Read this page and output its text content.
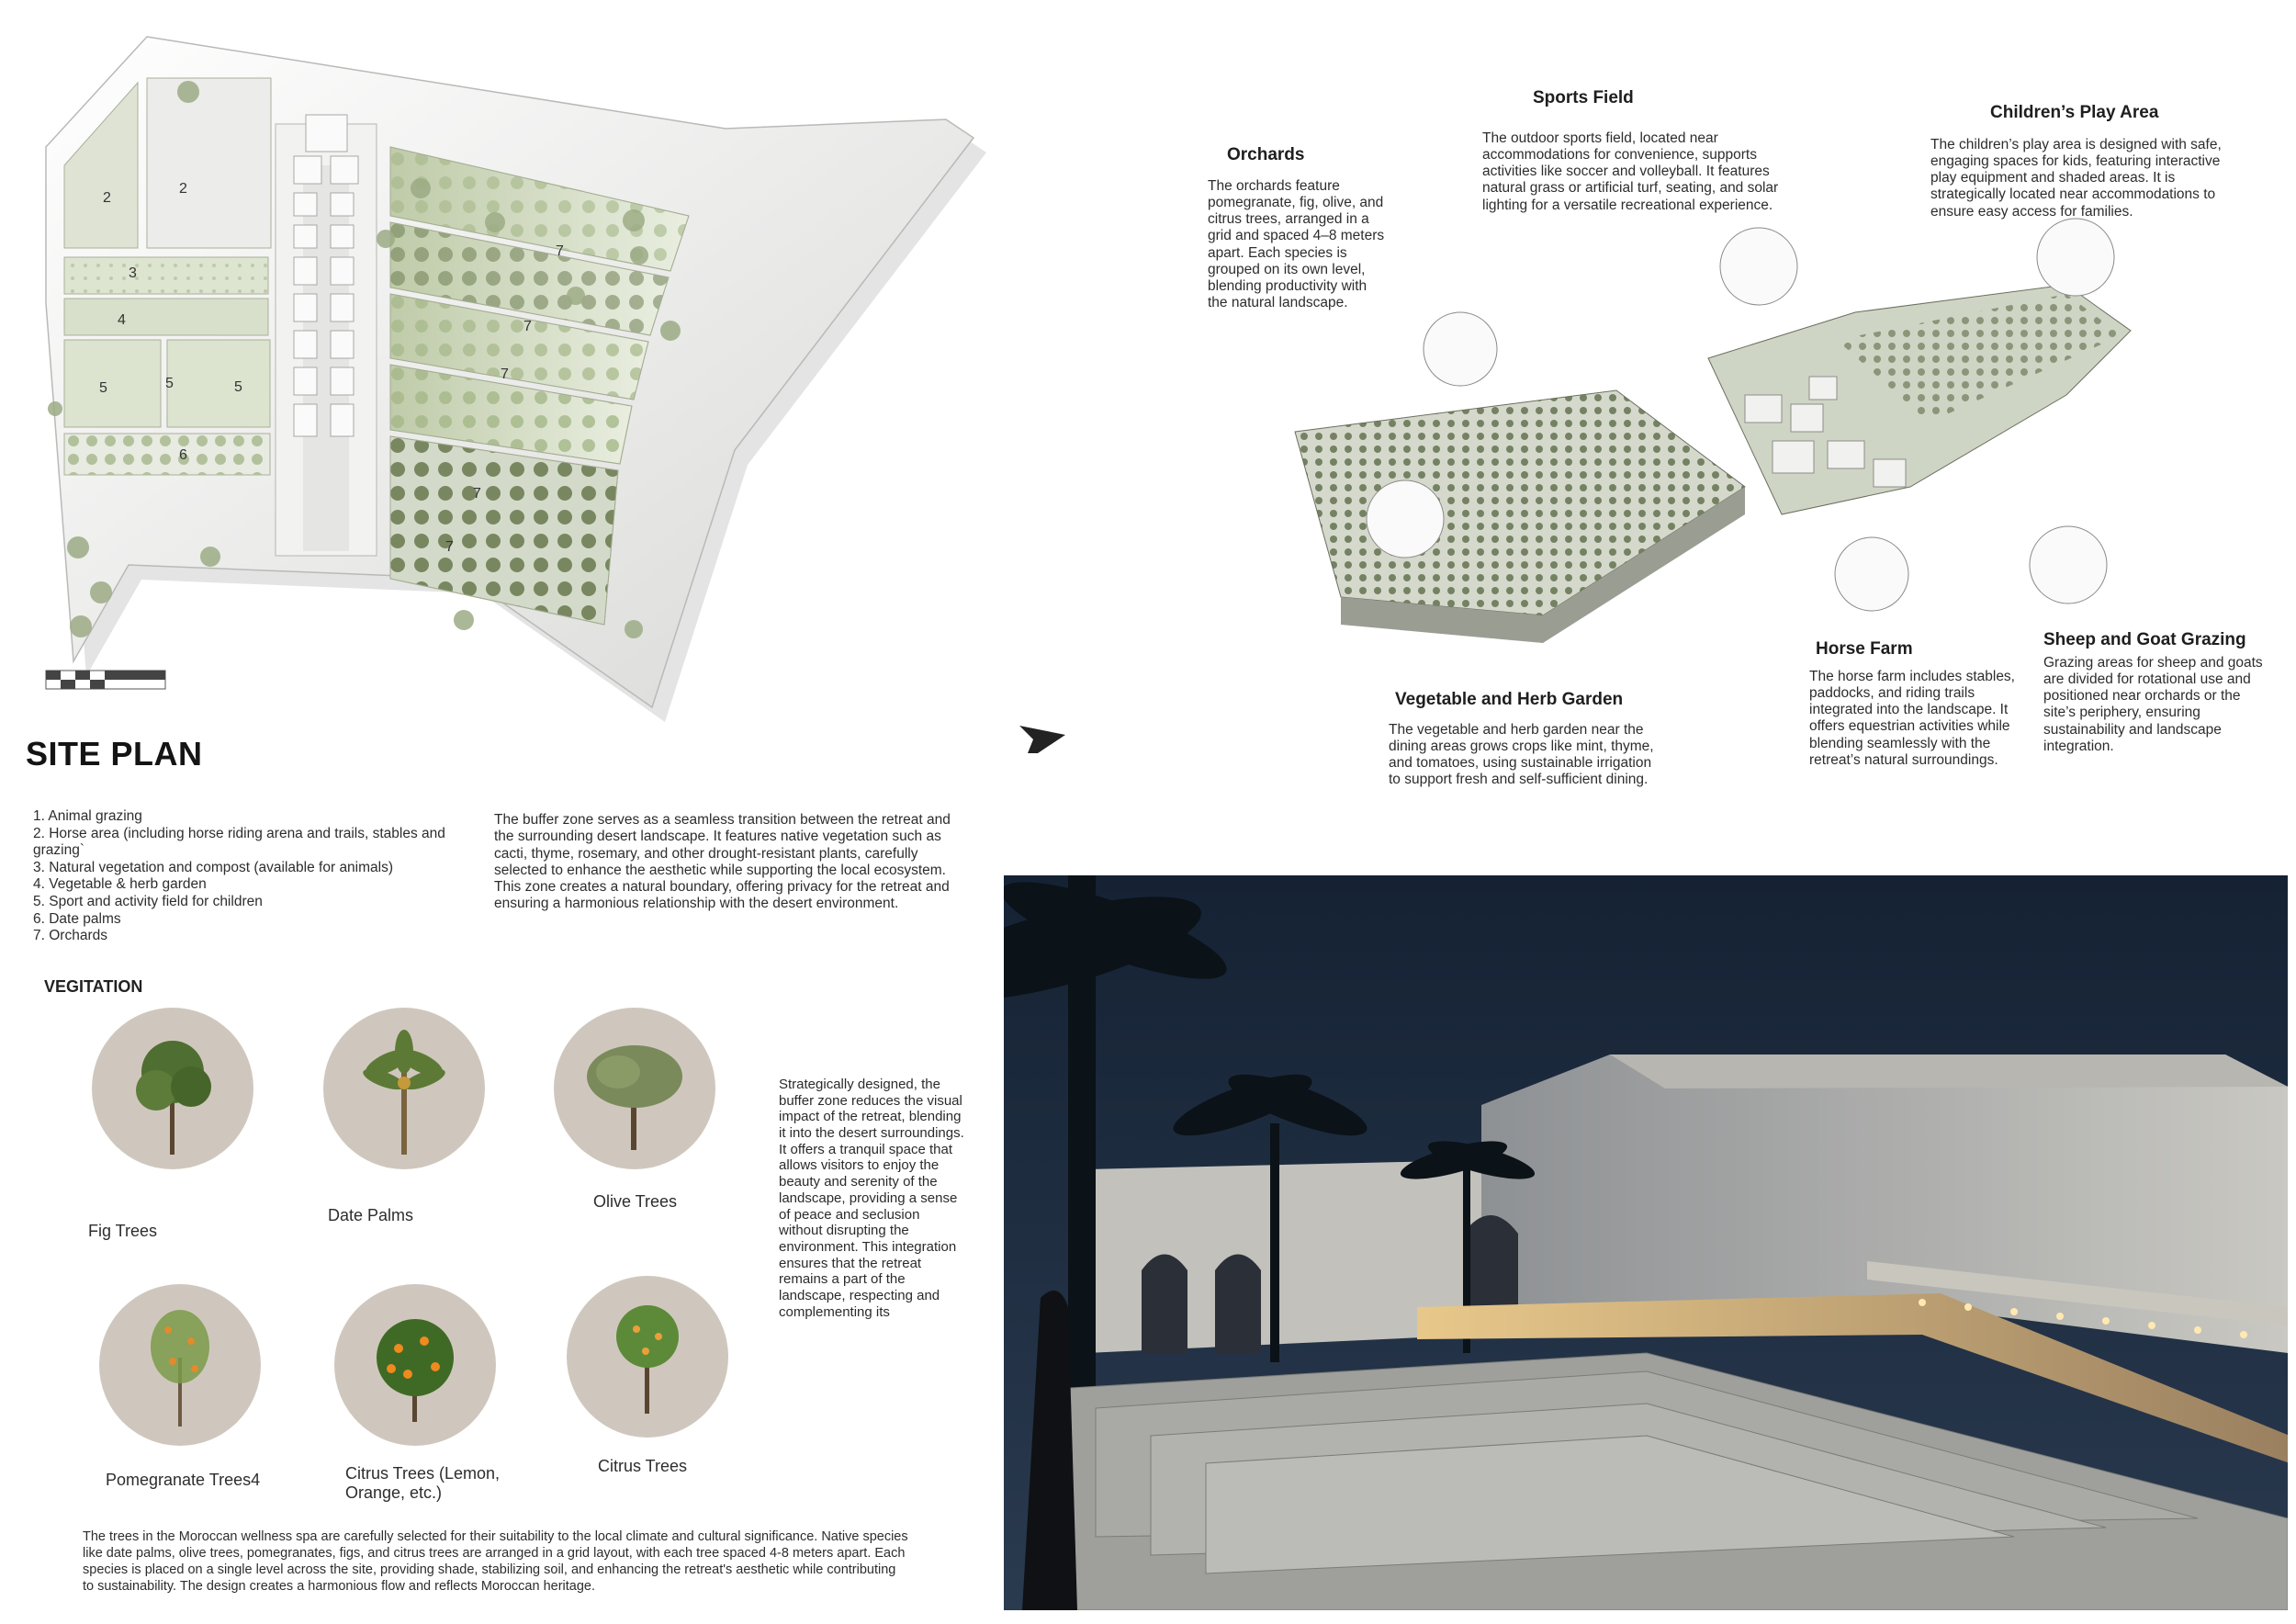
2
2
3
4
5	5	5
6
7
7
7
7
7
SITE PLAN
1. Animal grazing
2. Horse area (including horse riding arena and trails, stables and grazing`
3. Natural vegetation and compost (available for animals)
4. Vegetable & herb garden
5. Sport and activity field for children
6. Date palms
7. Orchards
The buffer zone serves as a seamless transition between the retreat and the surrounding desert landscape. It features native vegetation such as cacti, thyme, rosemary, and other drought-resistant plants, carefully selected to enhance the aesthetic while supporting the local ecosystem. This zone creates a natural boundary, offering privacy for the retreat and ensuring a harmonious relationship with the desert environment.
VEGITATION
Fig Trees
Date Palms
Olive Trees
Pomegranate Trees4	Citrus Trees (Lemon, Orange, etc.)
Citrus Trees
Strategically designed, the buffer zone reduces the visual impact of the retreat, blending it into the desert surroundings. It offers a tranquil space that allows visitors to enjoy the beauty and serenity of the landscape, providing a sense of peace and seclusion without disrupting the environment. This integration ensures that the retreat remains a part of the landscape, respecting and complementing its
The trees in the Moroccan wellness spa are carefully selected for their suitability to the local climate and cultural significance. Native species like date palms, olive trees, pomegranates, figs, and citrus trees are arranged in a grid layout, with each tree spaced 4-8 meters apart. Each species is placed on a single level across the site, providing shade, stabilizing soil, and enhancing the retreat's aesthetic while contributing to sustainability. The design creates a harmonious flow and reflects Moroccan heritage.
Orchards
The orchards feature pomegranate, fig, olive, and citrus trees, arranged in a grid and spaced 4–8 meters apart. Each species is grouped on its own level, blending productivity with the natural landscape.
Sports Field
The outdoor sports field, located near accommodations for convenience, supports activities like soccer and volleyball. It features natural grass or artificial turf, seating, and solar lighting for a versatile recreational experience.
Children’s Play Area
The children’s play area is designed with safe, engaging spaces for kids, featuring interactive play equipment and shaded areas. It is strategically located near accommodations to ensure easy access for families.
Vegetable and Herb Garden
The vegetable and herb garden near the dining areas grows crops like mint, thyme, and tomatoes, using sustainable irrigation to support fresh and self-sufficient dining.
Horse Farm
The horse farm includes stables, paddocks, and riding trails integrated into the landscape. It offers equestrian activities while blending seamlessly with the retreat’s natural surroundings.
Sheep and Goat Grazing
Grazing areas for sheep and goats are divided for rotational use and positioned near orchards or the site’s periphery, ensuring sustainability and landscape integration.
